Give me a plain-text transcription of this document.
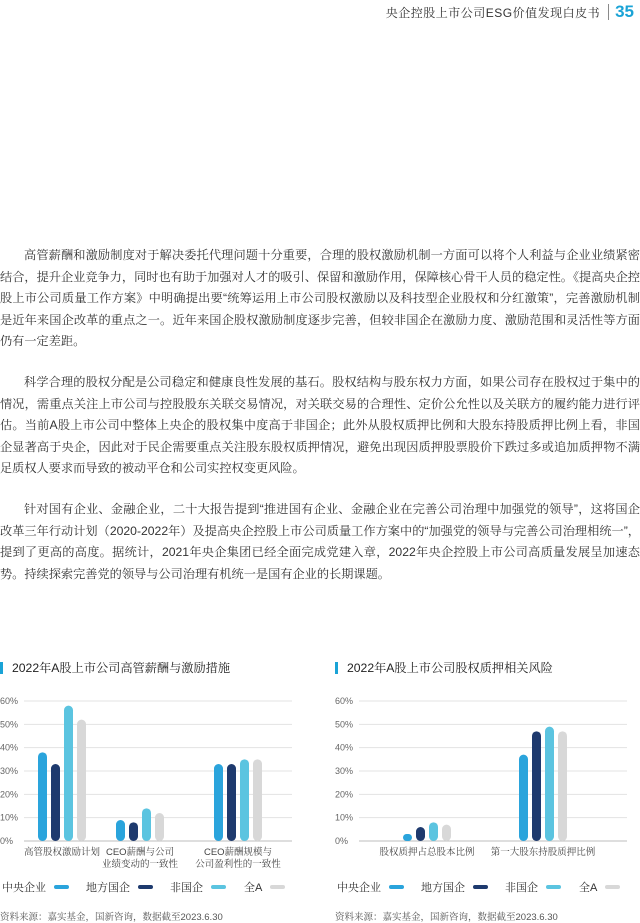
央企控股上市公司ESG价值发现白皮书 35

高管薪酬和激励制度对于解决委托代理问题十分重要，合理的股权激励机制一方面可以将个人利益与企业业绩紧密结合，提升企业竞争力，同时也有助于加强对人才的吸引、保留和激励作用，保障核心骨干人员的稳定性。《提高央企控股上市公司质量工作方案》中明确提出要“统筹运用上市公司股权激励以及科技型企业股权和分红激策”，完善激励机制是近年来国企改革的重点之一。近年来国企股权激励制度逐步完善，但较非国企在激励力度、激励范围和灵活性等方面仍有一定差距。

科学合理的股权分配是公司稳定和健康良性发展的基石。股权结构与股东权力方面，如果公司存在股权过于集中的情况，需重点关注上市公司与控股股东关联交易情况，对关联交易的合理性、定价公允性以及关联方的履约能力进行评估。当前A股上市公司中整体上央企的股权集中度高于非国企；此外从股权质押比例和大股东持股质押比例上看，非国企显著高于央企，因此对于民企需要重点关注股东股权质押情况，避免出现因质押股票股价下跌过多或追加质押物不满足质权人要求而导致的被动平仓和公司实控权变更风险。

针对国有企业、金融企业，二十大报告提到“推进国有企业、金融企业在完善公司治理中加强党的领导”，这将国企改革三年行动计划（2020-2022年）及提高央企控股上市公司质量工作方案中的“加强党的领导与完善公司治理相统一”，提到了更高的高度。据统计，2021年央企集团已经全面完成党建入章，2022年央企控股上市公司高质量发展呈加速态势。持续探索完善党的领导与公司治理有机统一是国有企业的长期课题。

2022年A股上市公司高管薪酬与激励措施
0%
10%
20%
30%
40%
50%
60%
高管股权激励计划 CEO薪酬与公司
业绩变动的一致性
CEO薪酬规模与
公司盈利性的一致性
2022年A股上市公司股权质押相关风险
0%
10%
20%
30%
40%
50%
60%
股权质押占总股本比例 第一大股东持股质押比例
中央企业	地方国企	非国企	全A	中央企业	地方国企	非国企	全A
资料来源：嘉实基金，国新咨询，数据截至2023.6.30	资料来源：嘉实基金，国新咨询，数据截至2023.6.30
